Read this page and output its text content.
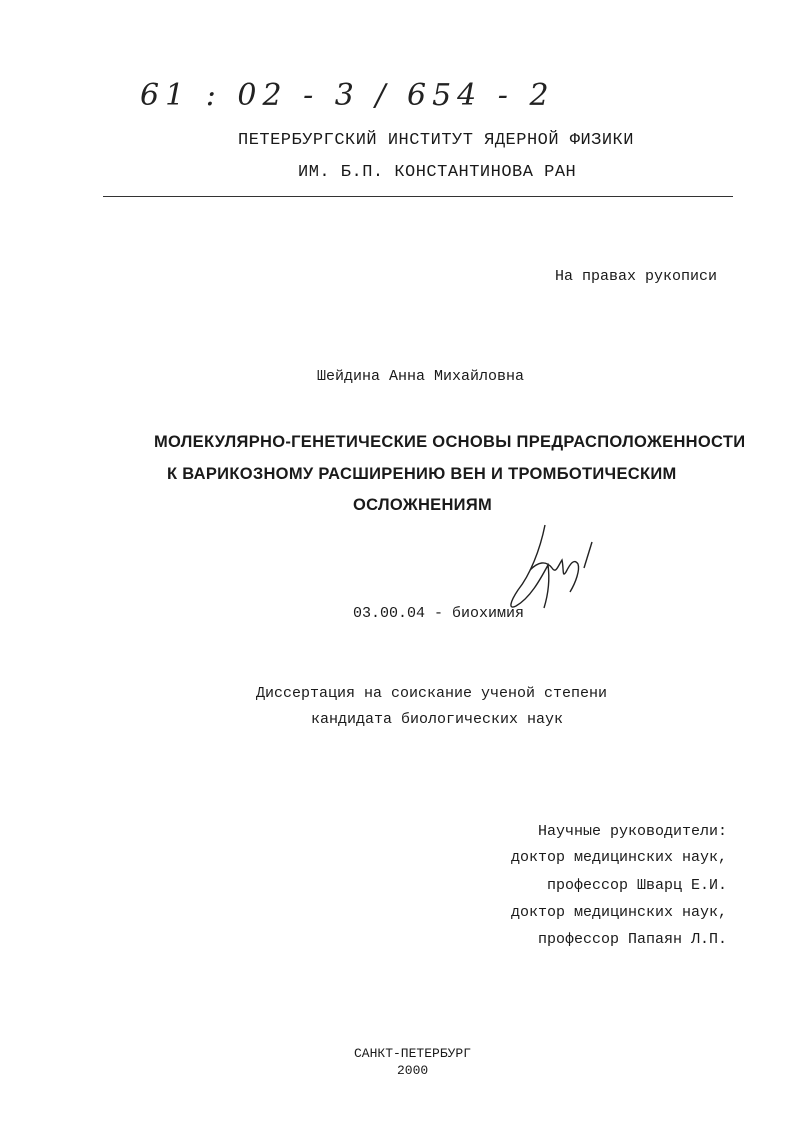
61 : 02 - 3 / 654 - 2
ПЕТЕРБУРГСКИЙ ИНСТИТУТ ЯДЕРНОЙ ФИЗИКИ
ИМ. Б.П. КОНСТАНТИНОВА РАН
На правах рукописи
Шейдина Анна Михайловна
МОЛЕКУЛЯРНО-ГЕНЕТИЧЕСКИЕ ОСНОВЫ ПРЕДРАСПОЛОЖЕННОСТИ
К ВАРИКОЗНОМУ РАСШИРЕНИЮ ВЕН И ТРОМБОТИЧЕСКИМ
ОСЛОЖНЕНИЯМ
03.00.04 - биохимия
Диссертация на соискание ученой степени
кандидата биологических наук
Научные руководители:
доктор медицинских наук,
профессор Шварц Е.И.
доктор медицинских наук,
профессор Папаян Л.П.
САНКТ-ПЕТЕРБУРГ
2000
